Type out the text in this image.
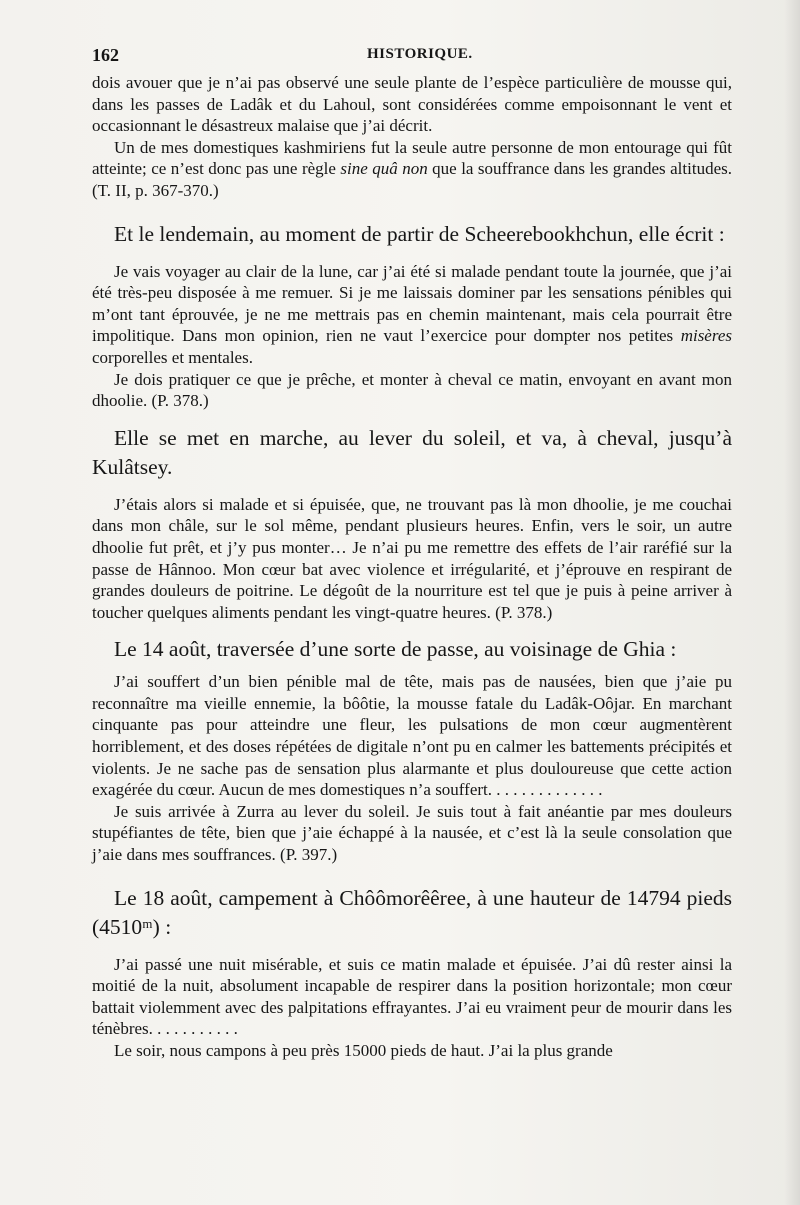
162	HISTORIQUE.

dois avouer que je n’ai pas observé une seule plante de l’espèce particulière de mousse qui, dans les passes de Ladâk et du Lahoul, sont considérées comme empoisonnant le vent et occasionnant le désastreux malaise que j’ai décrit.

Un de mes domestiques kashmiriens fut la seule autre personne de mon entourage qui fût atteinte; ce n’est donc pas une règle sine quâ non que la souffrance dans les grandes altitudes. (T. II, p. 367-370.)

Et le lendemain, au moment de partir de Scheerebookhchun, elle écrit :

Je vais voyager au clair de la lune, car j’ai été si malade pendant toute la journée, que j’ai été très-peu disposée à me remuer. Si je me laissais dominer par les sensations pénibles qui m’ont tant éprouvée, je ne me mettrais pas en chemin maintenant, mais cela pourrait être impolitique. Dans mon opinion, rien ne vaut l’exercice pour dompter nos petites misères corporelles et mentales.

Je dois pratiquer ce que je prêche, et monter à cheval ce matin, envoyant en avant mon dhoolie. (P. 378.)

Elle se met en marche, au lever du soleil, et va, à cheval, jusqu’à Kulâtsey.

J’étais alors si malade et si épuisée, que, ne trouvant pas là mon dhoolie, je me couchai dans mon châle, sur le sol même, pendant plusieurs heures. Enfin, vers le soir, un autre dhoolie fut prêt, et j’y pus monter… Je n’ai pu me remettre des effets de l’air raréfié sur la passe de Hânnoo. Mon cœur bat avec violence et irrégularité, et j’éprouve en respirant de grandes douleurs de poitrine. Le dégoût de la nourriture est tel que je puis à peine arriver à toucher quelques aliments pendant les vingt-quatre heures. (P. 378.)

Le 14 août, traversée d’une sorte de passe, au voisinage de Ghia :

J’ai souffert d’un bien pénible mal de tête, mais pas de nausées, bien que j’aie pu reconnaître ma vieille ennemie, la bôôtie, la mousse fatale du Ladâk-Oôjar. En marchant cinquante pas pour atteindre une fleur, les pulsations de mon cœur augmentèrent horriblement, et des doses répétées de digitale n’ont pu en calmer les battements précipités et violents. Je ne sache pas de sensation plus alarmante et plus douloureuse que cette action exagérée du cœur. Aucun de mes domestiques n’a souffert. . . . . . . . . . . . . .

Je suis arrivée à Zurra au lever du soleil. Je suis tout à fait anéantie par mes douleurs stupéfiantes de tête, bien que j’aie échappé à la nausée, et c’est là la seule consolation que j’aie dans mes souffrances. (P. 397.)

Le 18 août, campement à Chôômorêêree, à une hauteur de 14794 pieds (4510ᵐ) :

J’ai passé une nuit misérable, et suis ce matin malade et épuisée. J’ai dû rester ainsi la moitié de la nuit, absolument incapable de respirer dans la position horizontale; mon cœur battait violemment avec des palpitations effrayantes. J’ai eu vraiment peur de mourir dans les ténèbres. . . . . . . . . . .

Le soir, nous campons à peu près 15000 pieds de haut. J’ai la plus grande
